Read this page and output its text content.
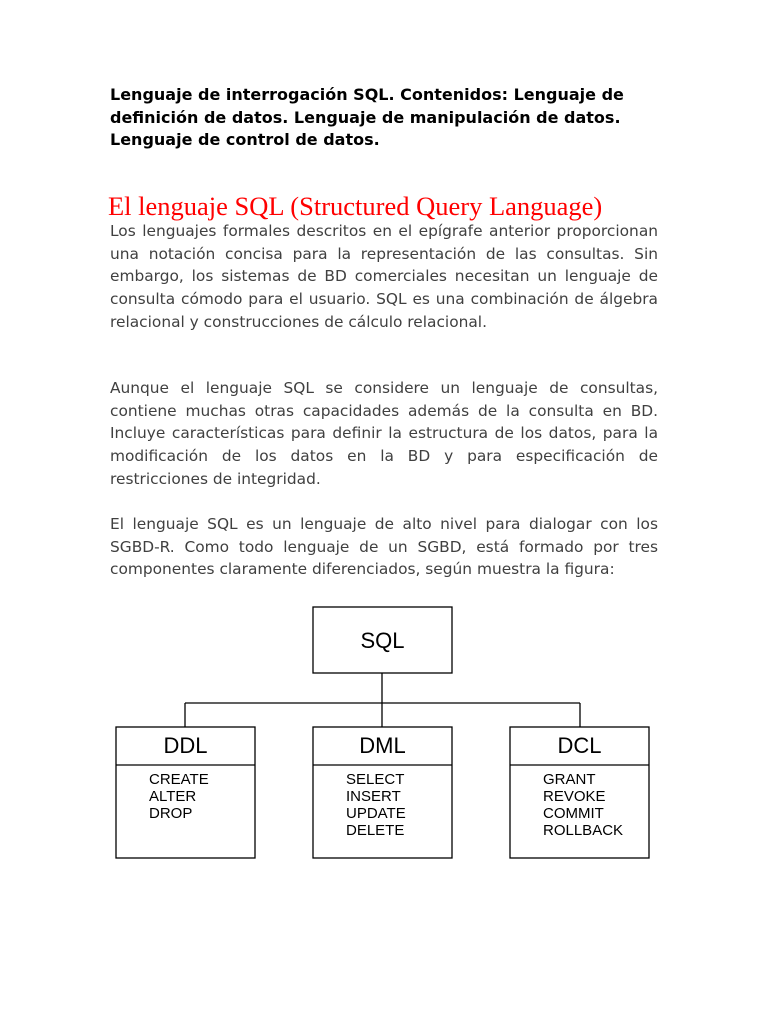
Lenguaje de interrogación SQL. Contenidos: Lenguaje de definición de datos. Lenguaje de manipulación de datos. Lenguaje de control de datos.

El lenguaje SQL (Structured Query Language)

Los lenguajes formales descritos en el epígrafe anterior proporcionan una notación concisa para la representación de las consultas. Sin embargo, los sistemas de BD comerciales necesitan un lenguaje de consulta cómodo para el usuario. SQL es una combinación de álgebra relacional y construcciones de cálculo relacional.

Aunque el lenguaje SQL se considere un lenguaje de consultas, contiene muchas otras capacidades además de la consulta en BD. Incluye características para definir la estructura de los datos, para la modificación de los datos en la BD y para especificación de restricciones de integridad.

El lenguaje SQL es un lenguaje de alto nivel para dialogar con los SGBD-R. Como todo lenguaje de un SGBD, está formado por tres componentes claramente diferenciados, según muestra la figura:

SQL
DDL
CREATE
ALTER
DROP
DML
SELECT
INSERT
UPDATE
DELETE
DCL
GRANT
REVOKE
COMMIT
ROLLBACK
